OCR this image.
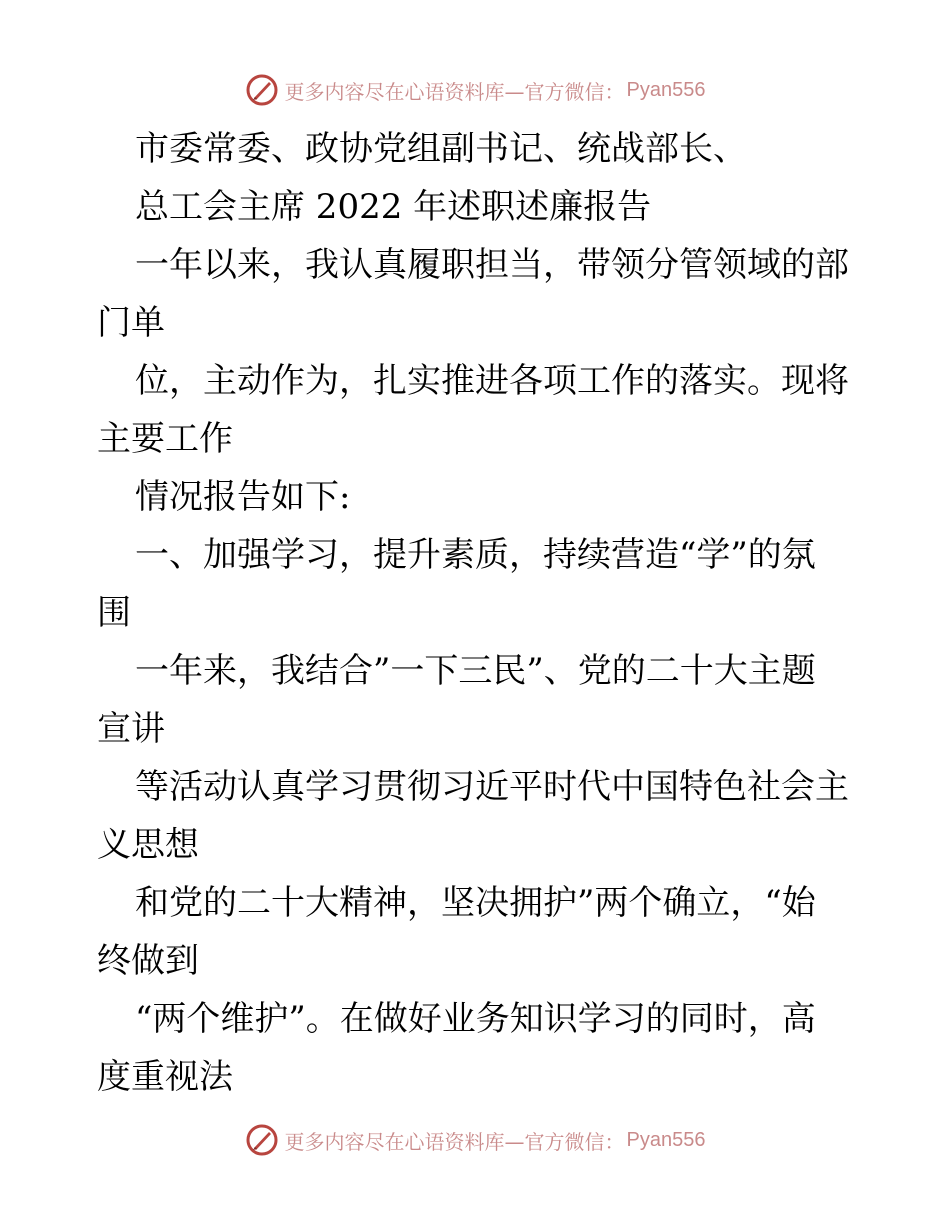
更多内容尽在心语资料库—官方微信： Pyan556
市委常委、政协党组副书记、统战部长、
总工会主席 2022 年述职述廉报告
一年以来，我认真履职担当，带领分管领域的部
门单
位，主动作为，扎实推进各项工作的落实。现将
主要工作
情况报告如下:
一、加强学习，提升素质，持续营造“学”的氛
围
一年来，我结合”一下三民”、党的二十大主题
宣讲
等活动认真学习贯彻习近平时代中国特色社会主
义思想
和党的二十大精神，坚决拥护”两个确立，“始
终做到
“两个维护”。在做好业务知识学习的同时，高
度重视法
更多内容尽在心语资料库—官方微信： Pyan556
